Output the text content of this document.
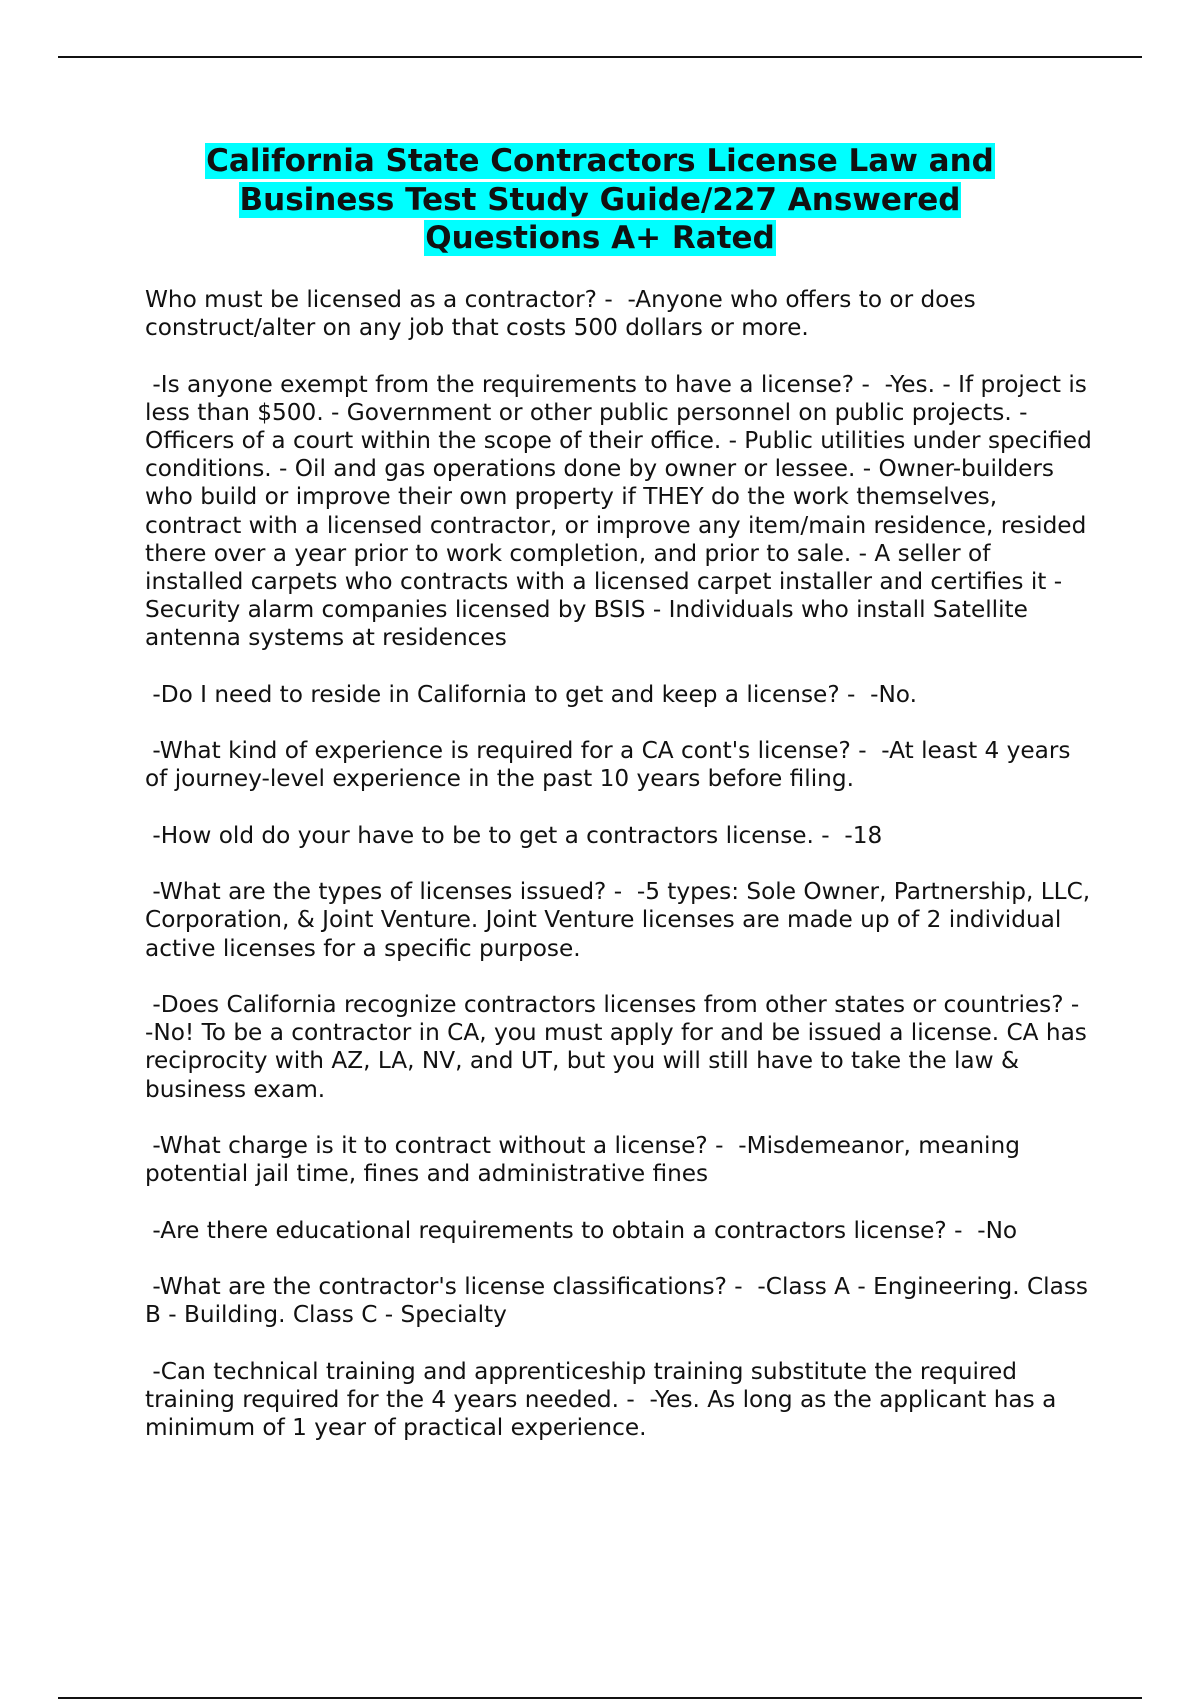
California State Contractors License Law and Business Test Study Guide/227 Answered Questions A+ Rated

Who must be licensed as a contractor? -  -Anyone who offers to or does construct/alter on any job that costs 500 dollars or more.

-Is anyone exempt from the requirements to have a license? -  -Yes. - If project is less than $500. - Government or other public personnel on public projects. - Officers of a court within the scope of their office. - Public utilities under specified conditions. - Oil and gas operations done by owner or lessee. - Owner-builders who build or improve their own property if THEY do the work themselves, contract with a licensed contractor, or improve any item/main residence, resided there over a year prior to work completion, and prior to sale. - A seller of installed carpets who contracts with a licensed carpet installer and certifies it - Security alarm companies licensed by BSIS - Individuals who install Satellite antenna systems at residences

-Do I need to reside in California to get and keep a license? -  -No.

-What kind of experience is required for a CA cont's license? -  -At least 4 years of journey-level experience in the past 10 years before filing.

-How old do your have to be to get a contractors license. -  -18

-What are the types of licenses issued? -  -5 types: Sole Owner, Partnership, LLC, Corporation, & Joint Venture. Joint Venture licenses are made up of 2 individual active licenses for a specific purpose.

-Does California recognize contractors licenses from other states or countries? -  -No! To be a contractor in CA, you must apply for and be issued a license. CA has reciprocity with AZ, LA, NV, and UT, but you will still have to take the law & business exam.

-What charge is it to contract without a license? -  -Misdemeanor, meaning potential jail time, fines and administrative fines

-Are there educational requirements to obtain a contractors license? -  -No

-What are the contractor's license classifications? -  -Class A - Engineering. Class B - Building. Class C - Specialty

-Can technical training and apprenticeship training substitute the required training required for the 4 years needed. -  -Yes. As long as the applicant has a minimum of 1 year of practical experience.
